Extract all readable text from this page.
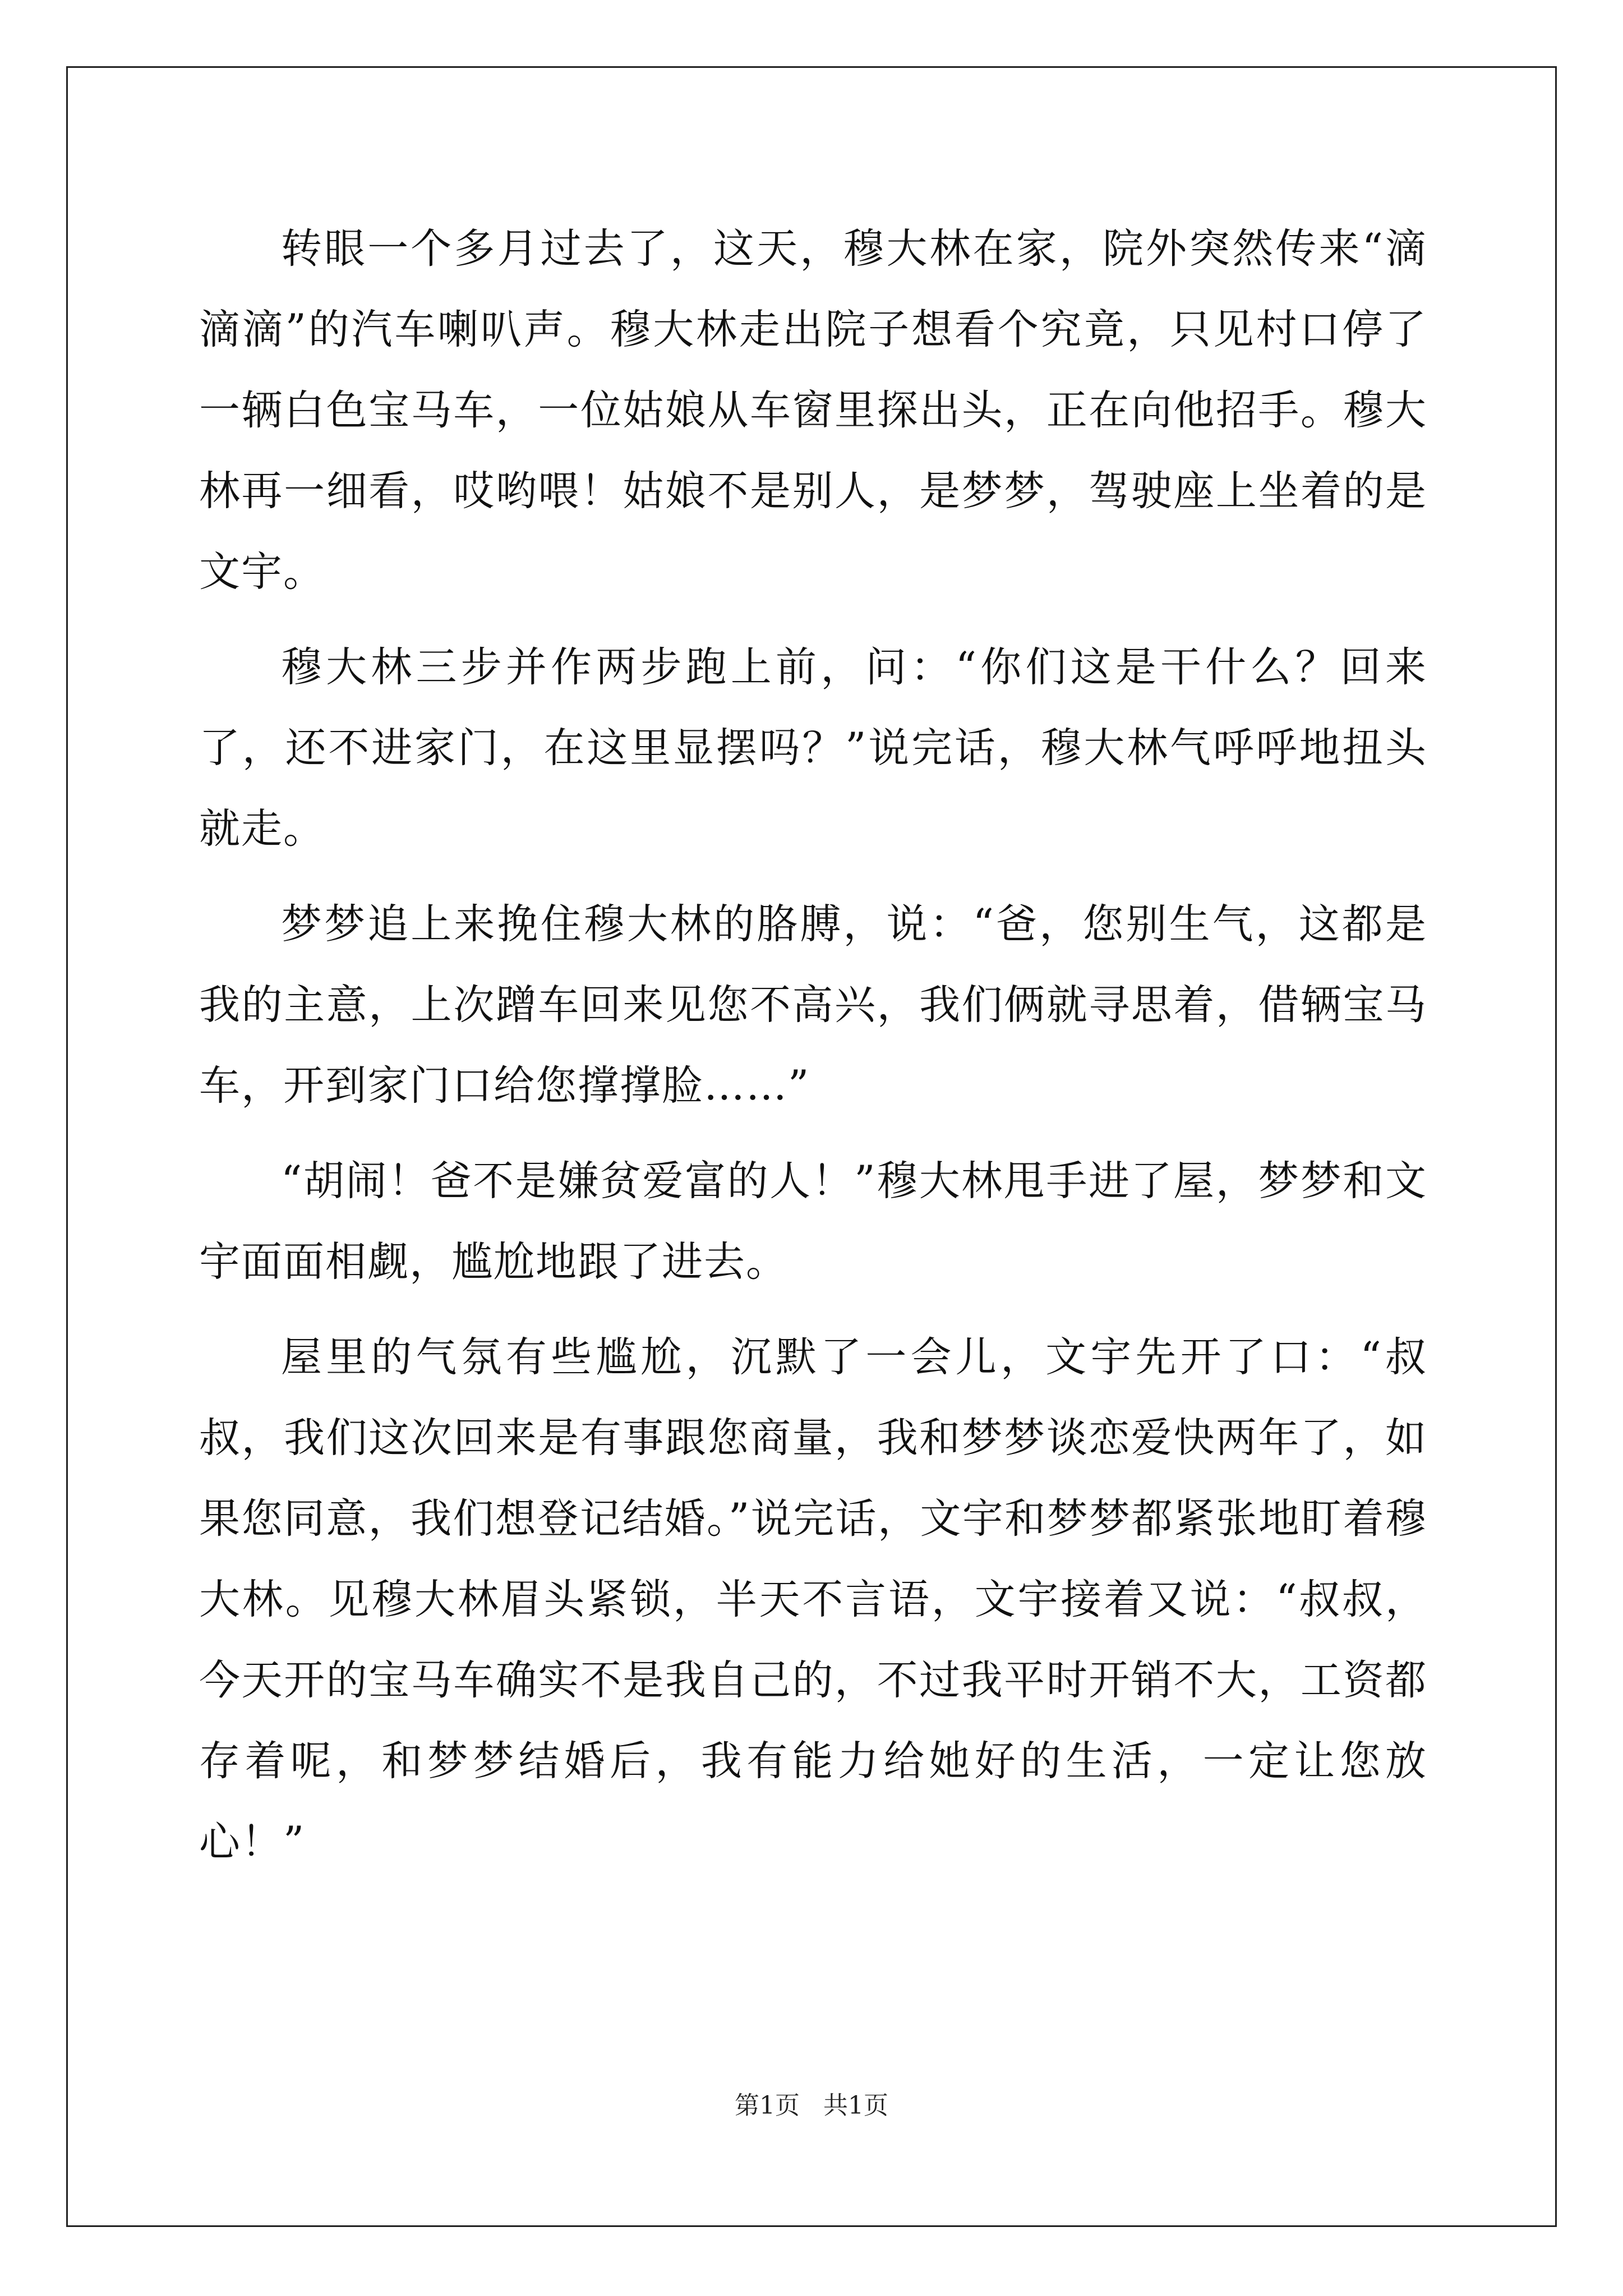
转眼一个多月过去了，这天，穆大林在家，院外突然传来“滴滴滴”的汽车喇叭声。穆大林走出院子想看个究竟，只见村口停了一辆白色宝马车，一位姑娘从车窗里探出头，正在向他招手。穆大林再一细看，哎哟喂！姑娘不是别人，是梦梦，驾驶座上坐着的是文宇。

穆大林三步并作两步跑上前，问：“你们这是干什么？回来了，还不进家门，在这里显摆吗？”说完话，穆大林气呼呼地扭头就走。

梦梦追上来挽住穆大林的胳膊，说：“爸，您别生气，这都是我的主意，上次蹭车回来见您不高兴，我们俩就寻思着，借辆宝马车，开到家门口给您撑撑脸……”

“胡闹！爸不是嫌贫爱富的人！”穆大林甩手进了屋，梦梦和文宇面面相觑，尴尬地跟了进去。

屋里的气氛有些尴尬，沉默了一会儿，文宇先开了口：“叔叔，我们这次回来是有事跟您商量，我和梦梦谈恋爱快两年了，如果您同意，我们想登记结婚。”说完话，文宇和梦梦都紧张地盯着穆大林。见穆大林眉头紧锁，半天不言语，文宇接着又说：“叔叔，今天开的宝马车确实不是我自己的，不过我平时开销不大，工资都存着呢，和梦梦结婚后，我有能力给她好的生活，一定让您放心！”

第1页 共1页
